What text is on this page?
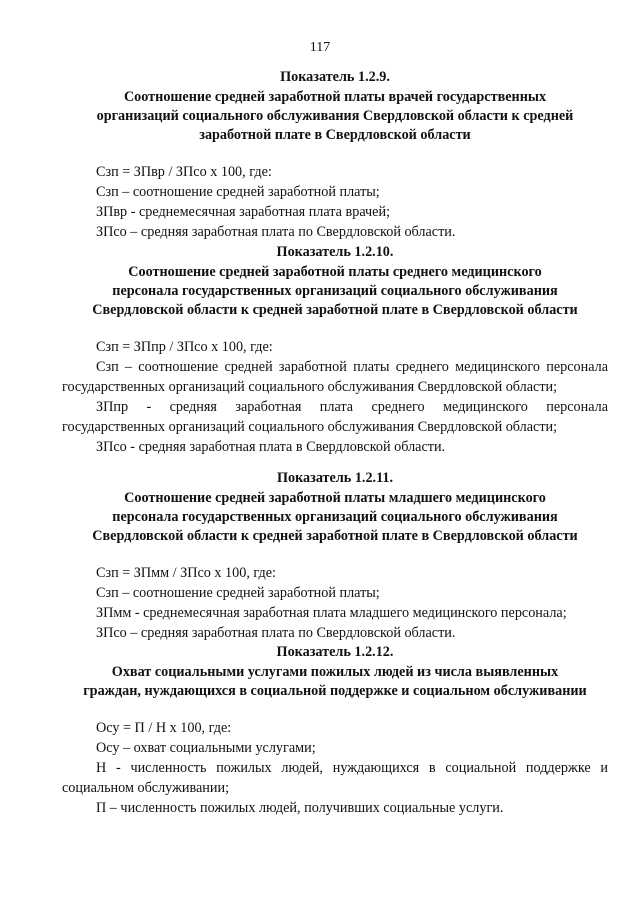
117
Показатель 1.2.9.
Соотношение средней заработной платы врачей государственных
организаций социального обслуживания Свердловской области к средней
заработной плате в Свердловской области
Сзп = ЗПвр / ЗПсо х 100, где:
Сзп – соотношение средней заработной платы;
ЗПвр - среднемесячная заработная плата врачей;
ЗПсо – средняя заработная плата по Свердловской области.
Показатель 1.2.10.
Соотношение средней заработной платы среднего медицинского
персонала государственных организаций социального обслуживания
Свердловской области к средней заработной плате в Свердловской области
Сзп = ЗПпр / ЗПсо х 100, где:
Сзп – соотношение средней заработной платы среднего медицинского персонала государственных организаций социального обслуживания Свердловской области;
ЗПпр - средняя заработная плата среднего медицинского персонала государственных организаций социального обслуживания Свердловской области;
ЗПсо - средняя заработная плата в Свердловской области.
Показатель 1.2.11.
Соотношение средней заработной платы младшего медицинского
персонала государственных организаций социального обслуживания
Свердловской области к средней заработной плате в Свердловской области
Сзп = ЗПмм / ЗПсо х 100, где:
Сзп – соотношение средней заработной платы;
ЗПмм - среднемесячная заработная плата младшего медицинского персонала;
ЗПсо – средняя заработная плата по Свердловской области.
Показатель 1.2.12.
Охват социальными услугами пожилых людей из числа выявленных
граждан, нуждающихся в социальной поддержке и социальном обслуживании
Осу = П / Н х 100, где:
Осу – охват социальными услугами;
Н - численность пожилых людей, нуждающихся в социальной поддержке и социальном обслуживании;
П – численность пожилых людей, получивших социальные услуги.
